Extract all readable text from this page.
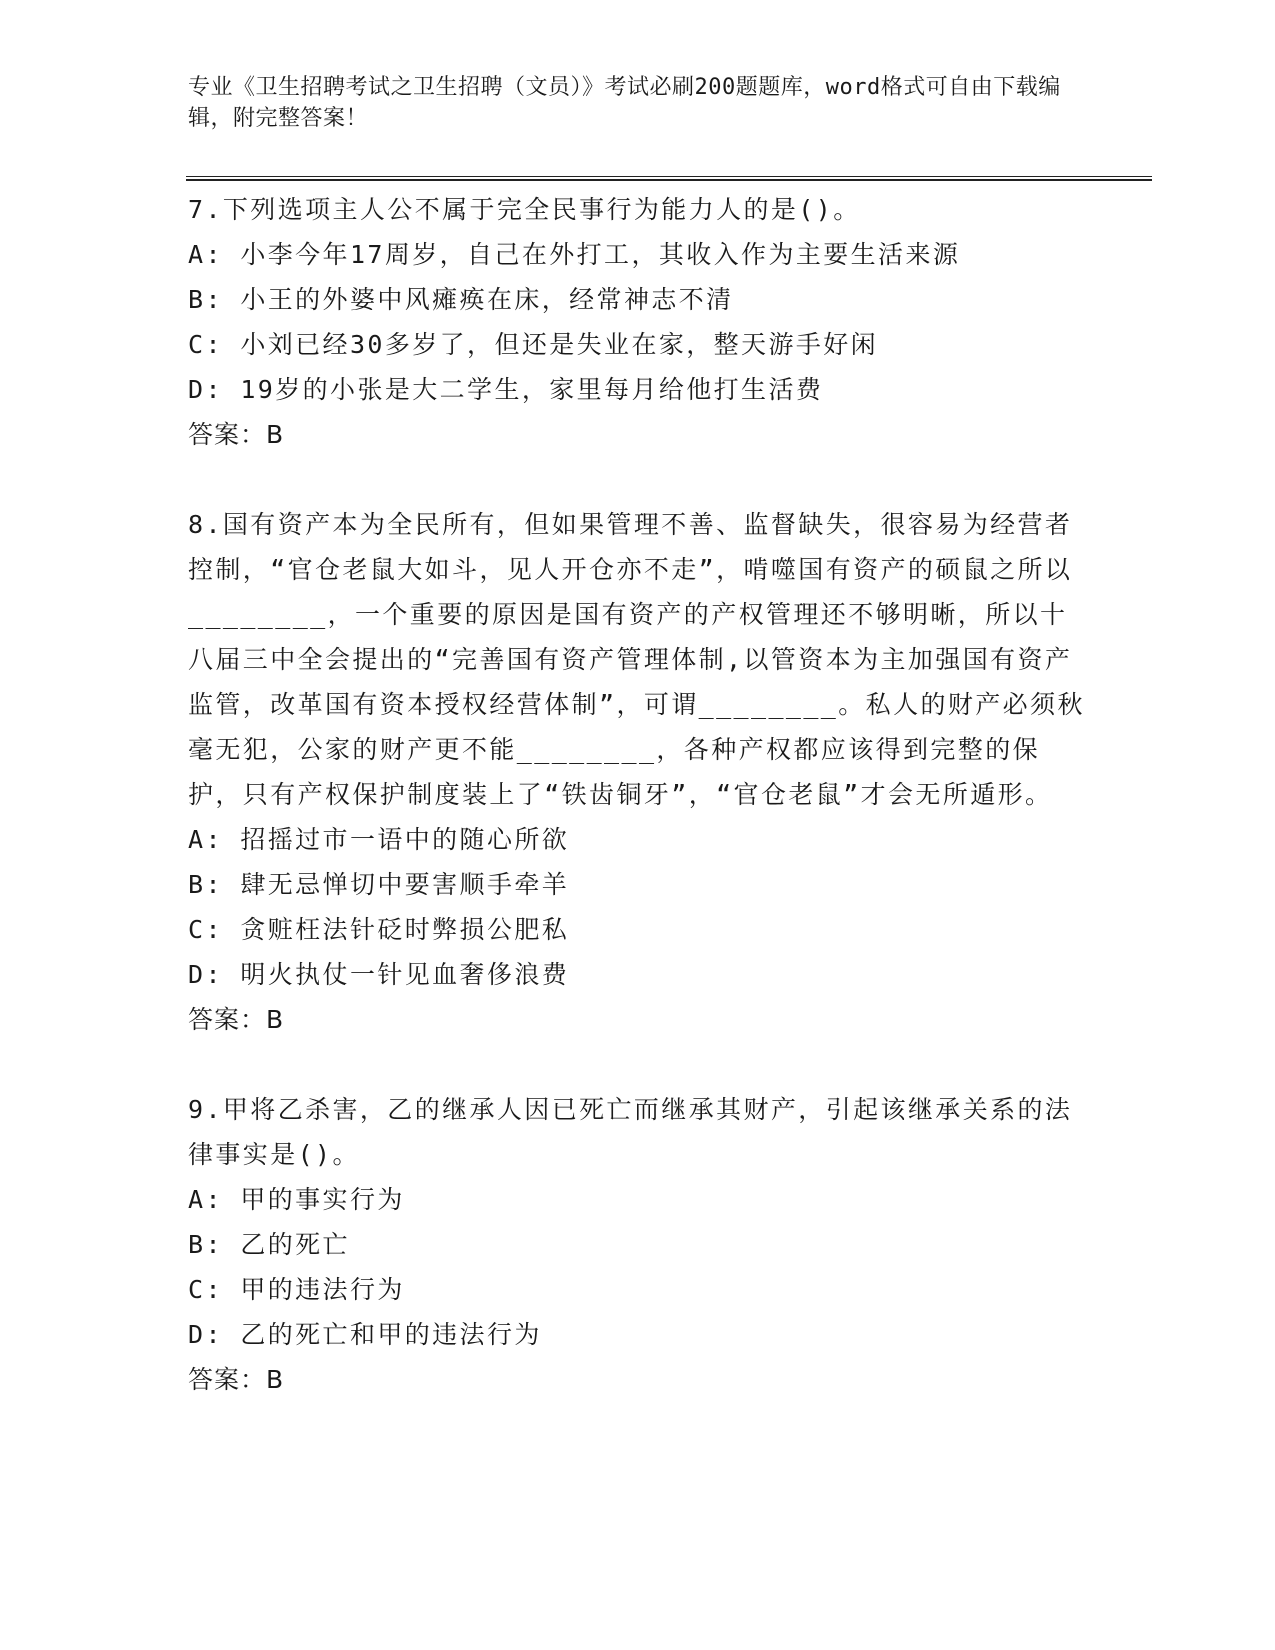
专业《卫生招聘考试之卫生招聘（文员）》考试必刷200题题库，word格式可自由下载编辑，附完整答案！
7.下列选项主人公不属于完全民事行为能力人的是()。
A: 小李今年17周岁，自己在外打工，其收入作为主要生活来源
B: 小王的外婆中风瘫痪在床，经常神志不清
C: 小刘已经30多岁了，但还是失业在家，整天游手好闲
D: 19岁的小张是大二学生，家里每月给他打生活费
答案：B
8.国有资产本为全民所有，但如果管理不善、监督缺失，很容易为经营者控制，“官仓老鼠大如斗，见人开仓亦不走”，啃噬国有资产的硕鼠之所以________，一个重要的原因是国有资产的产权管理还不够明晰，所以十八届三中全会提出的“完善国有资产管理体制,以管资本为主加强国有资产监管，改革国有资本授权经营体制”，可谓________。私人的财产必须秋毫无犯，公家的财产更不能________，各种产权都应该得到完整的保护，只有产权保护制度装上了“铁齿铜牙”，“官仓老鼠”才会无所遁形。
A: 招摇过市一语中的随心所欲
B: 肆无忌惮切中要害顺手牵羊
C: 贪赃枉法针砭时弊损公肥私
D: 明火执仗一针见血奢侈浪费
答案：B
9.甲将乙杀害，乙的继承人因已死亡而继承其财产，引起该继承关系的法律事实是()。
A: 甲的事实行为
B: 乙的死亡
C: 甲的违法行为
D: 乙的死亡和甲的违法行为
答案：B
